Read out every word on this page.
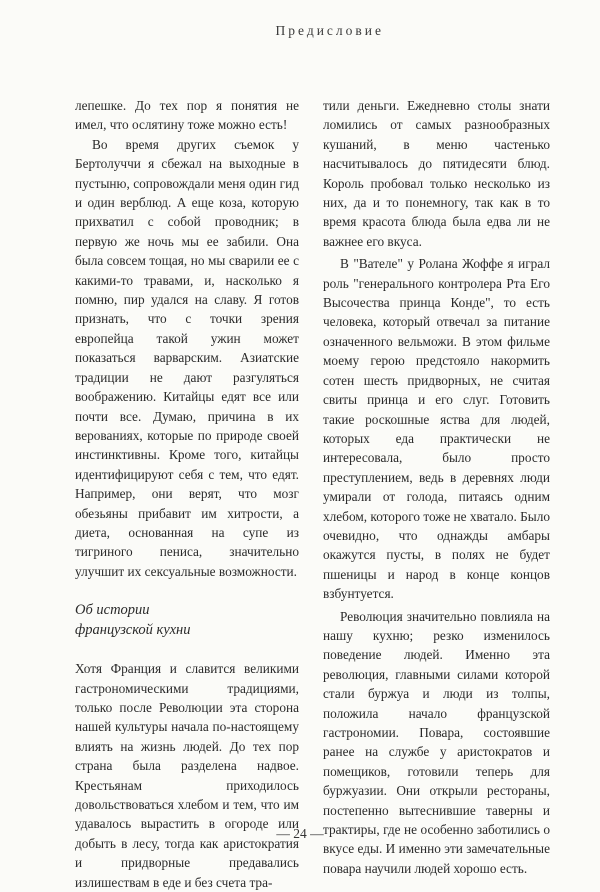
Предисловие

лепешке. До тех пор я понятия не имел, что ослятину тоже можно есть!

Во время других съемок у Бертолуччи я сбежал на выходные в пустыню, сопровождали меня один гид и один верблюд. А еще коза, которую прихватил с собой проводник; в первую же ночь мы ее забили. Она была совсем тощая, но мы сварили ее с какими-то травами, и, насколько я помню, пир удался на славу. Я готов признать, что с точки зрения европейца такой ужин может показаться варварским. Азиатские традиции не дают разгуляться воображению. Китайцы едят все или почти все. Думаю, причина в их верованиях, которые по природе своей инстинктивны. Кроме того, китайцы идентифицируют себя с тем, что едят. Например, они верят, что мозг обезьяны прибавит им хитрости, а диета, основанная на супе из тигриного пениса, значительно улучшит их сексуальные возможности.

Об истории
французской кухни

Хотя Франция и славится великими гастрономическими традициями, только после Революции эта сторона нашей культуры начала по-настоящему влиять на жизнь людей. До тех пор страна была разделена надвое. Крестьянам приходилось довольствоваться хлебом и тем, что им удавалось вырастить в огороде или добыть в лесу, тогда как аристократия и придворные предавались излишествам в еде и без счета тра-

тили деньги. Ежедневно столы знати ломились от самых разнообразных кушаний, в меню частенько насчитывалось до пятидесяти блюд. Король пробовал только несколько из них, да и то понемногу, так как в то время красота блюда была едва ли не важнее его вкуса.

В "Вателе" у Ролана Жоффе я играл роль "генерального контролера Рта Его Высочества принца Конде", то есть человека, который отвечал за питание означенного вельможи. В этом фильме моему герою предстояло накормить сотен шесть придворных, не считая свиты принца и его слуг. Готовить такие роскошные яства для людей, которых еда практически не интересовала, было просто преступлением, ведь в деревнях люди умирали от голода, питаясь одним хлебом, которого тоже не хватало. Было очевидно, что однажды амбары окажутся пусты, в полях не будет пшеницы и народ в конце концов взбунтуется.

Революция значительно повлияла на нашу кухню; резко изменилось поведение людей. Именно эта революция, главными силами которой стали буржуа и люди из толпы, положила начало французской гастрономии. Повара, состоявшие ранее на службе у аристократов и помещиков, готовили теперь для буржуазии. Они открыли рестораны, постепенно вытеснившие таверны и трактиры, где не особенно заботились о вкусе еды. И именно эти замечательные повара научили людей хорошо есть.

— 24 —
